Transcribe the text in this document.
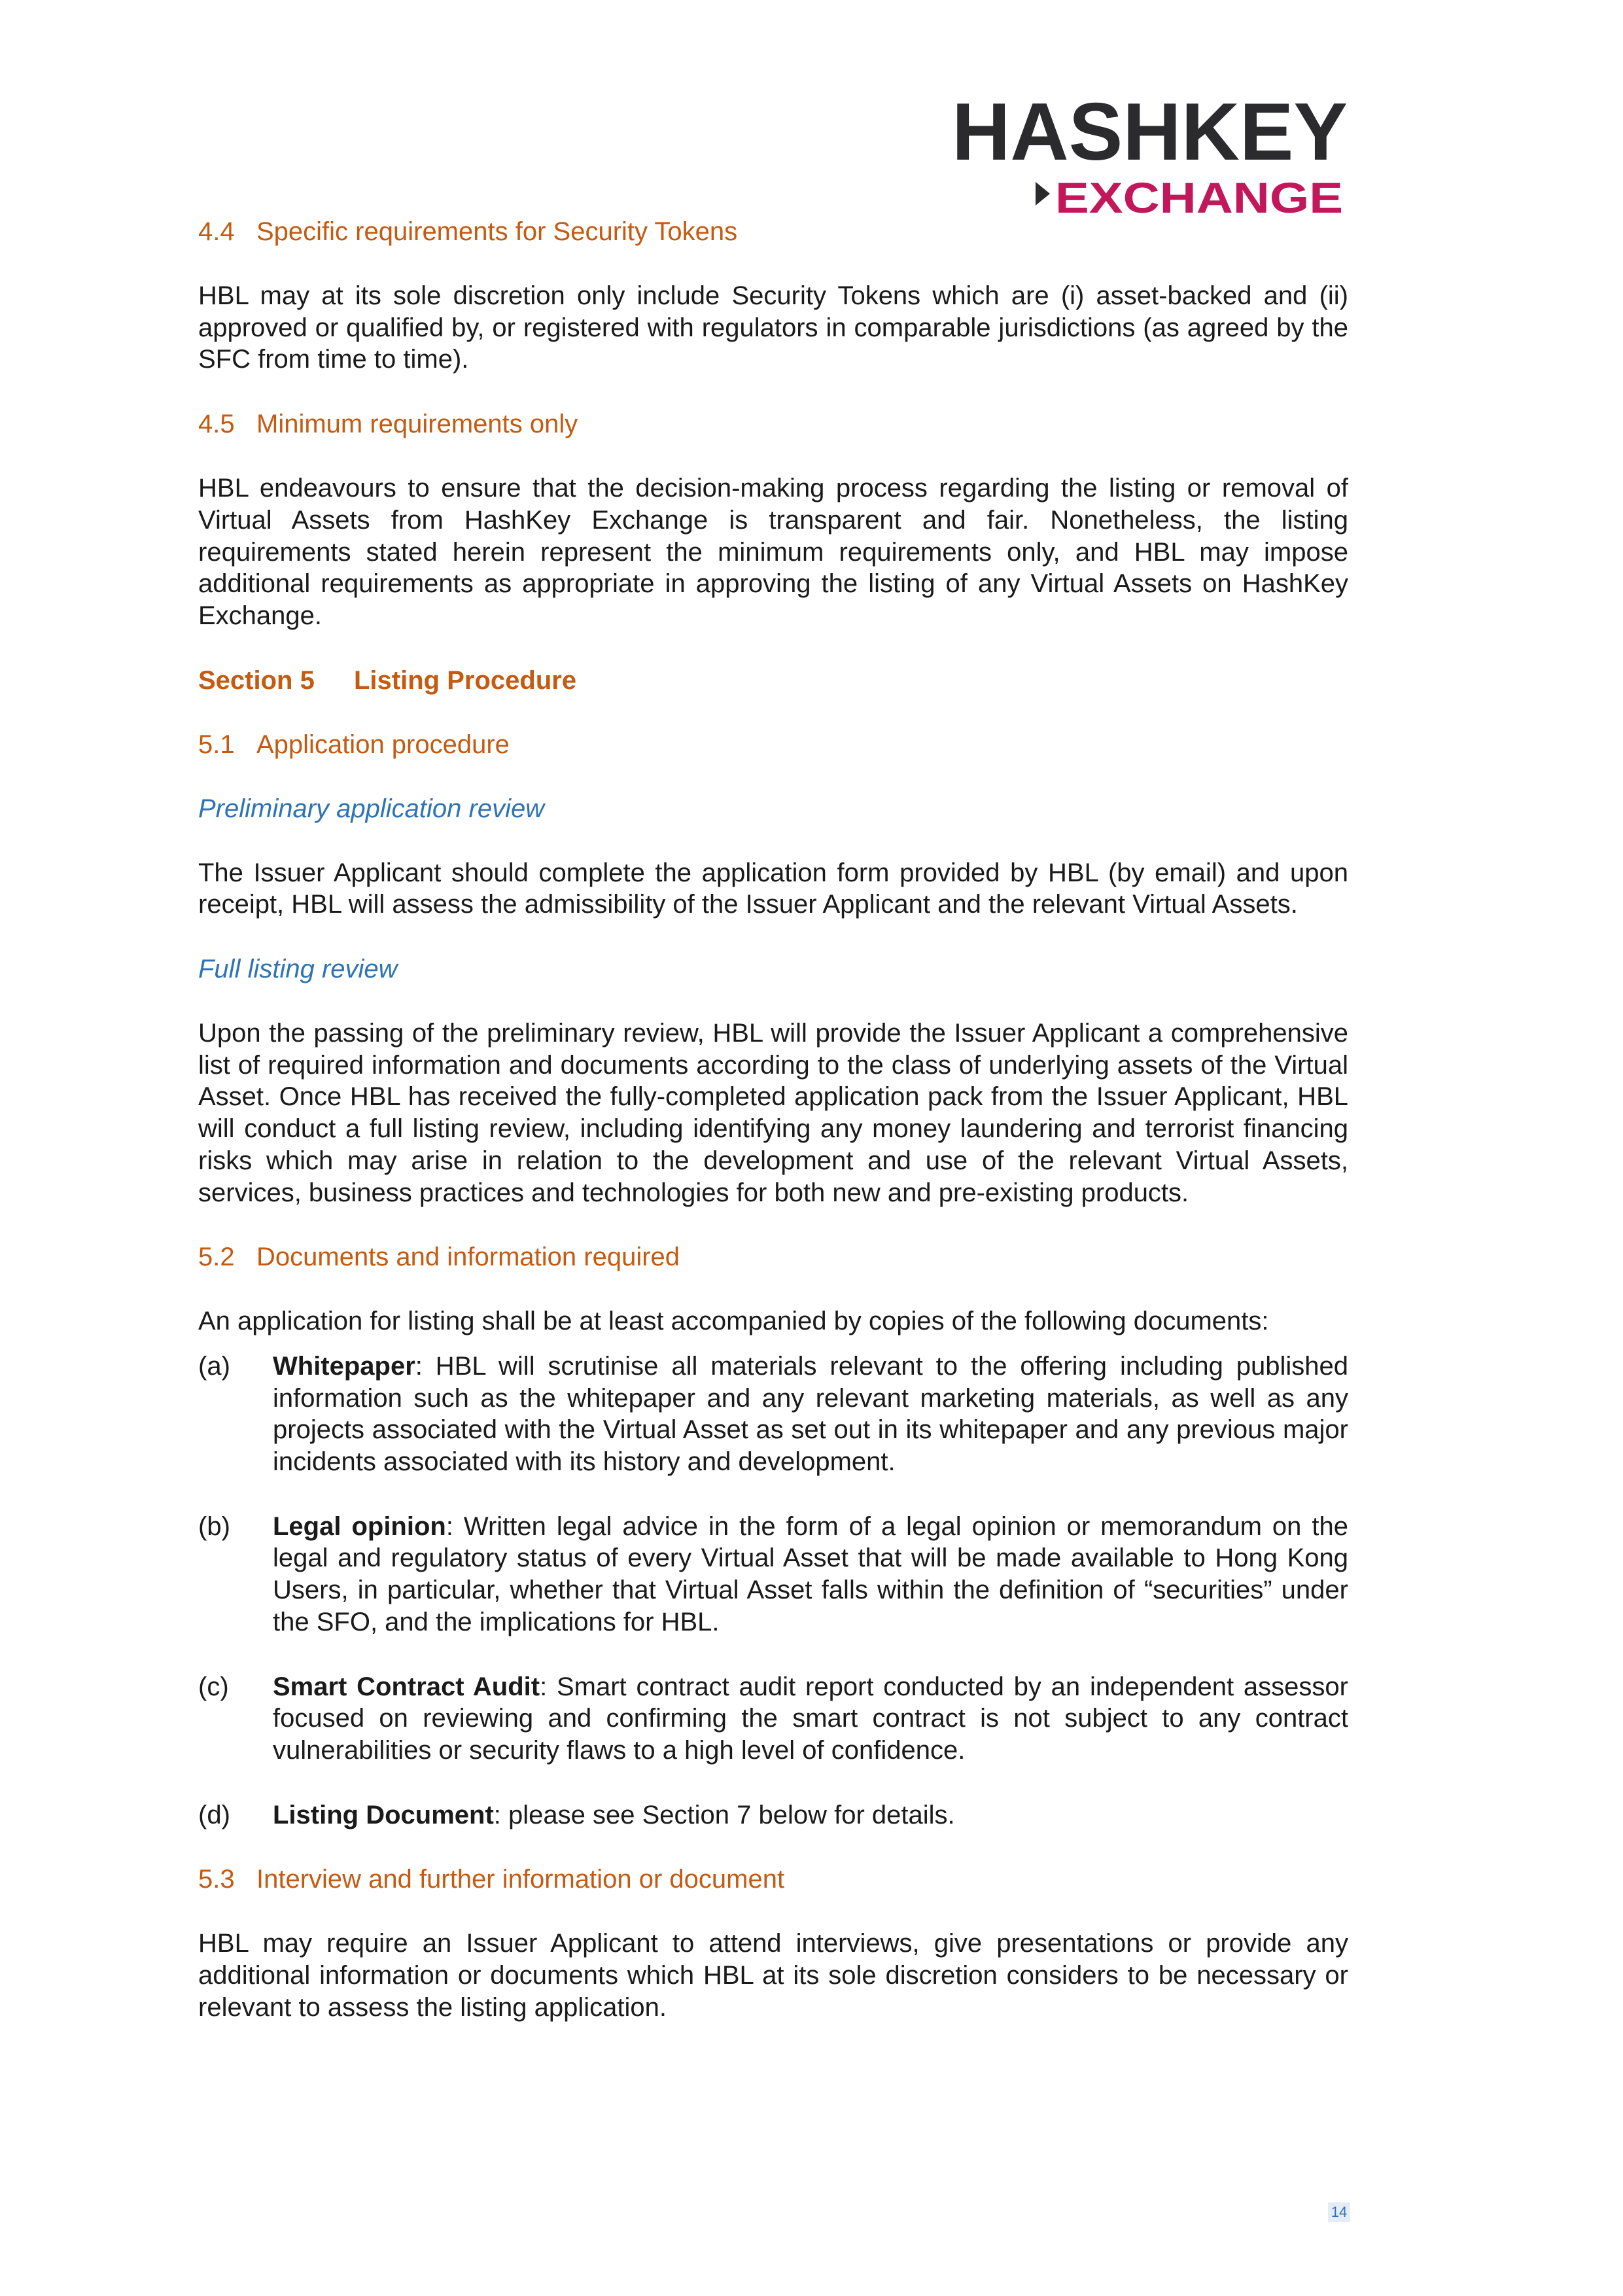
HASHKEY
EXCHANGE
4.4 Specific requirements for Security Tokens

HBL may at its sole discretion only include Security Tokens which are (i) asset-backed and (ii) approved or qualified by, or registered with regulators in comparable jurisdictions (as agreed by the SFC from time to time).

4.5 Minimum requirements only

HBL endeavours to ensure that the decision-making process regarding the listing or removal of Virtual Assets from HashKey Exchange is transparent and fair. Nonetheless, the listing requirements stated herein represent the minimum requirements only, and HBL may impose additional requirements as appropriate in approving the listing of any Virtual Assets on HashKey Exchange.

Section 5 Listing Procedure
5.1 Application procedure
Preliminary application review

The Issuer Applicant should complete the application form provided by HBL (by email) and upon receipt, HBL will assess the admissibility of the Issuer Applicant and the relevant Virtual Assets.

Full listing review

Upon the passing of the preliminary review, HBL will provide the Issuer Applicant a comprehensive list of required information and documents according to the class of underlying assets of the Virtual Asset. Once HBL has received the fully-completed application pack from the Issuer Applicant, HBL will conduct a full listing review, including identifying any money laundering and terrorist financing risks which may arise in relation to the development and use of the relevant Virtual Assets, services, business practices and technologies for both new and pre-existing products.

5.2 Documents and information required

An application for listing shall be at least accompanied by copies of the following documents:

(a)	Whitepaper: HBL will scrutinise all materials relevant to the offering including published information such as the whitepaper and any relevant marketing materials, as well as any projects associated with the Virtual Asset as set out in its whitepaper and any previous major incidents associated with its history and development.
(b)	Legal opinion: Written legal advice in the form of a legal opinion or memorandum on the legal and regulatory status of every Virtual Asset that will be made available to Hong Kong Users, in particular, whether that Virtual Asset falls within the definition of “securities” under the SFO, and the implications for HBL.
(c)	Smart Contract Audit: Smart contract audit report conducted by an independent assessor focused on reviewing and confirming the smart contract is not subject to any contract vulnerabilities or security flaws to a high level of confidence.
(d)	Listing Document: please see Section 7 below for details.
5.3 Interview and further information or document

HBL may require an Issuer Applicant to attend interviews, give presentations or provide any additional information or documents which HBL at its sole discretion considers to be necessary or relevant to assess the listing application.

14
